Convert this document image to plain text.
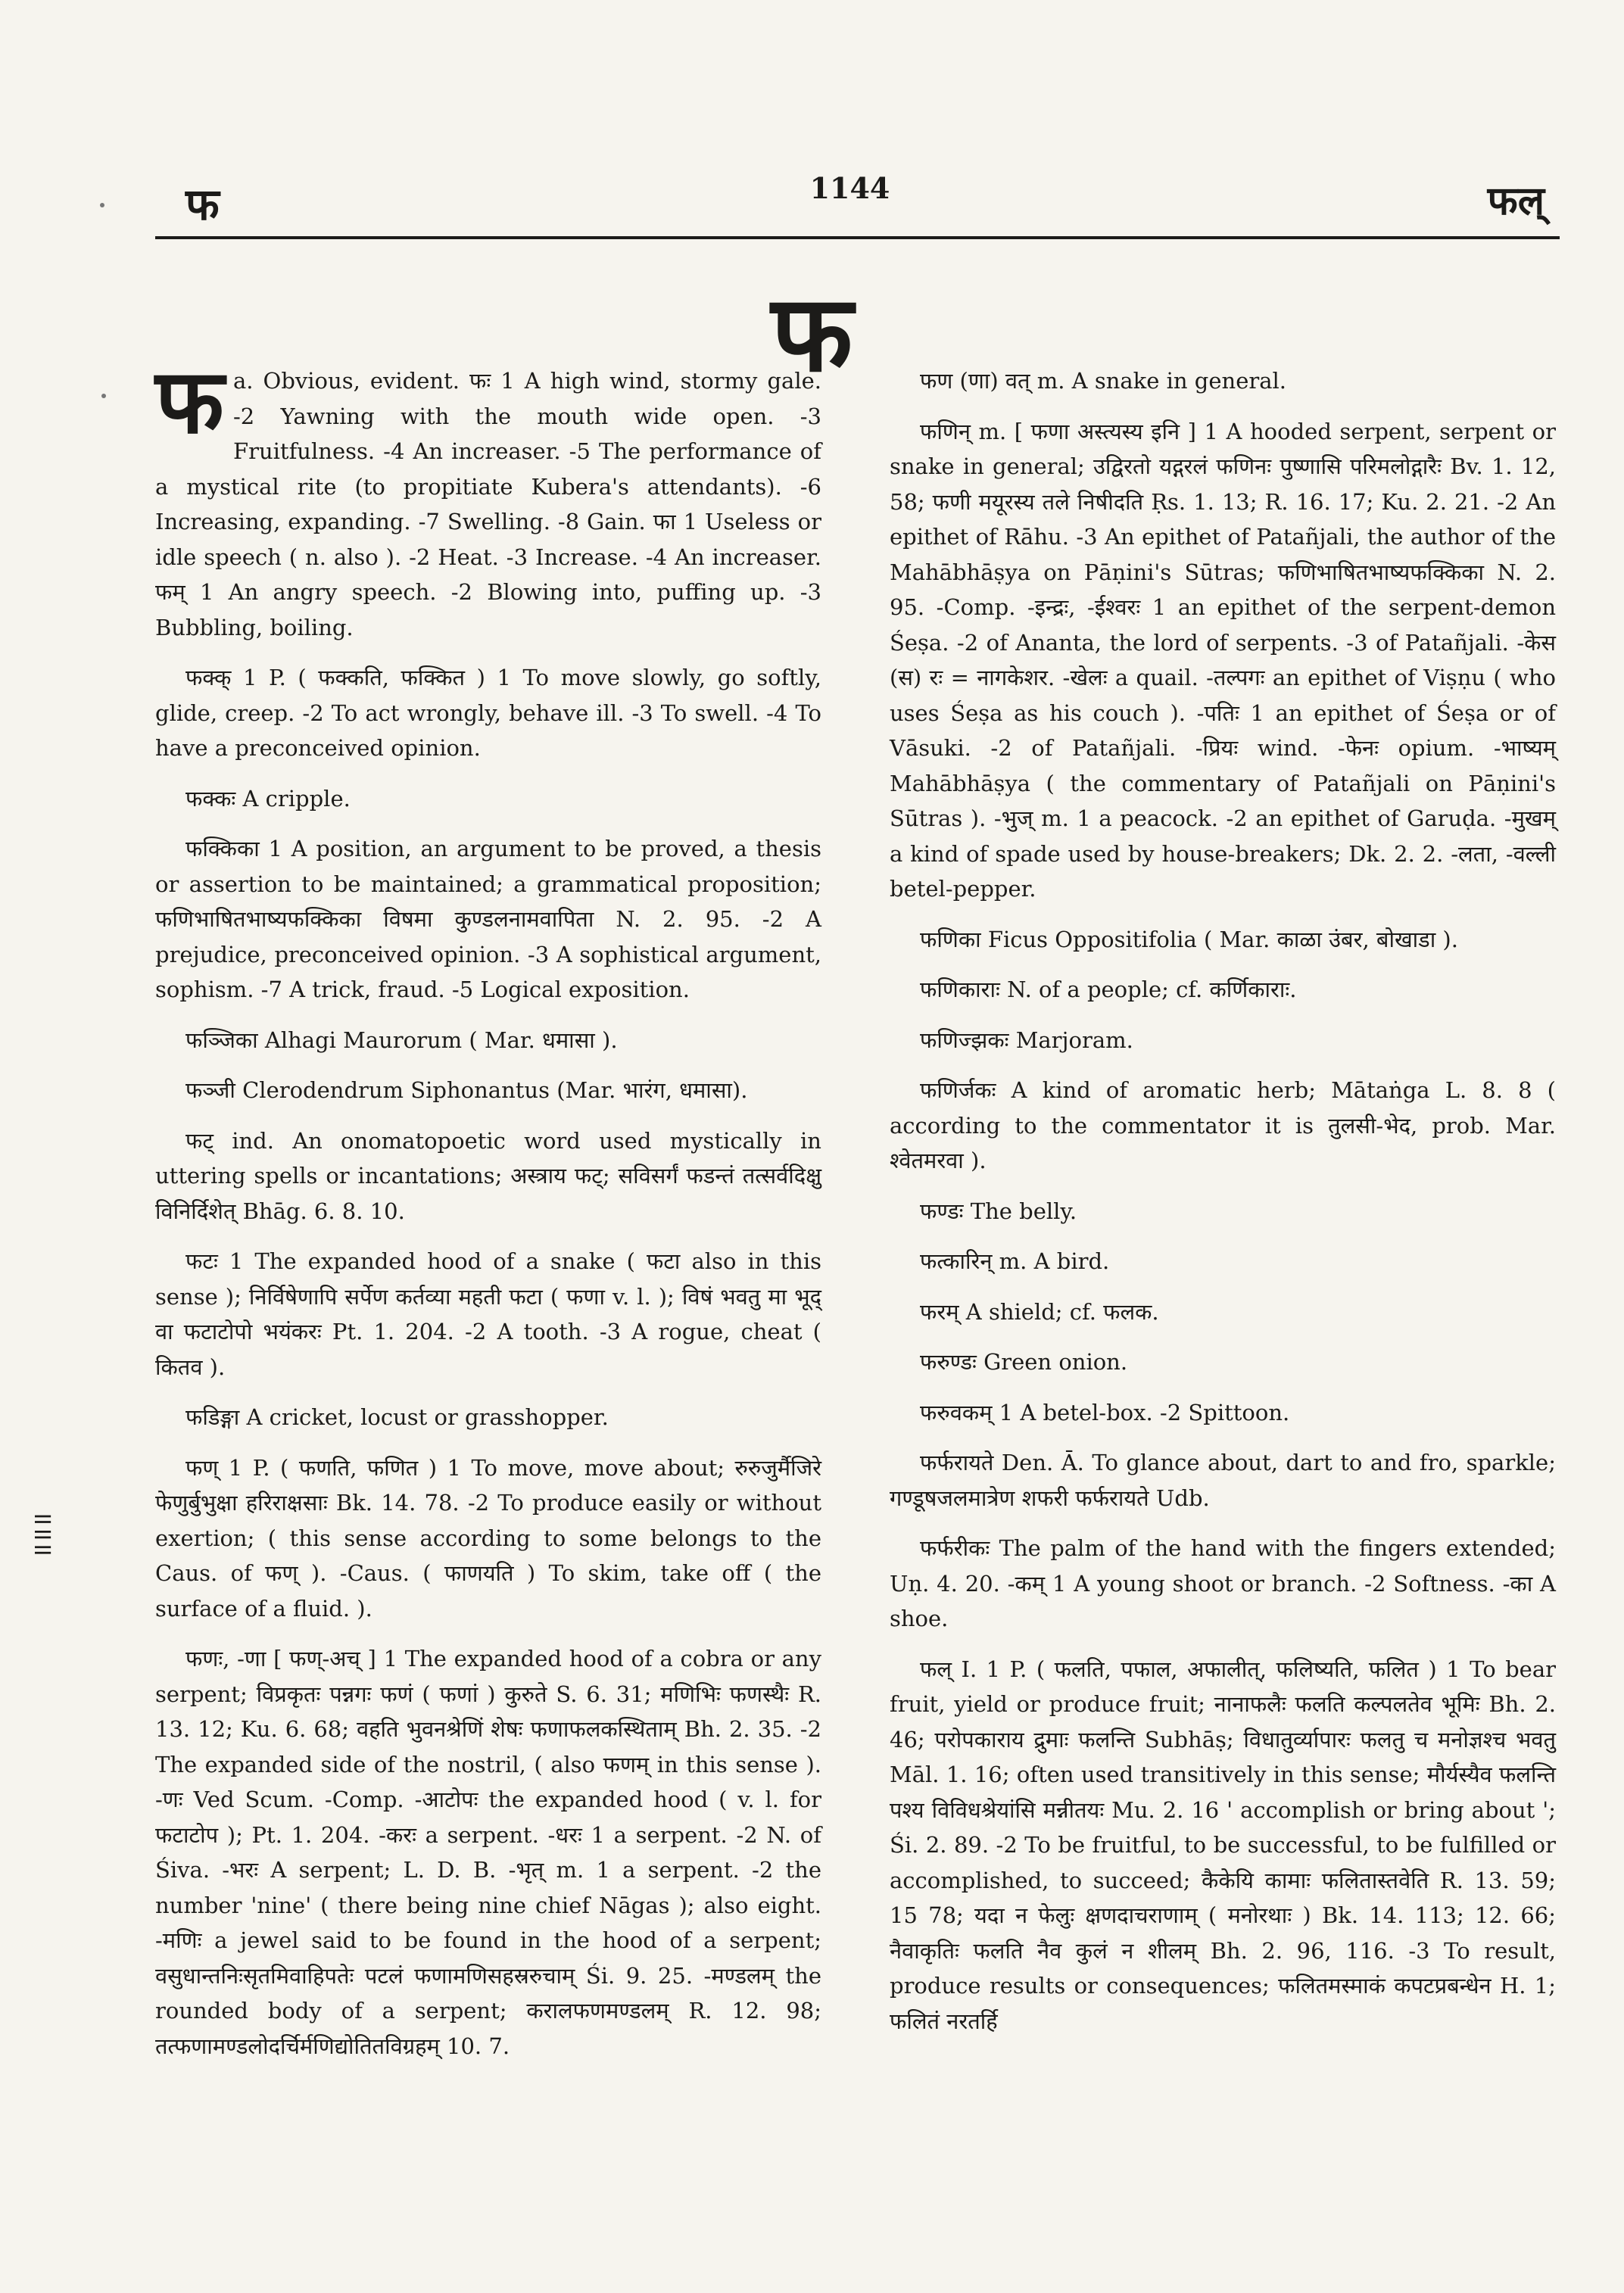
फ	1144	फल्
फ
॥॥॥

फa. Obvious, evident. फः 1 A high wind, stormy gale. -2 Yawning with the mouth wide open. -3 Fruitfulness. -4 An increaser. -5 The performance of a mystical rite (to propitiate Kubera's attendants). -6 Increasing, expanding. -7 Swelling. -8 Gain. फा 1 Useless or idle speech ( n. also ). -2 Heat. -3 Increase. -4 An increaser. फम् 1 An angry speech. -2 Blowing into, puffing up. -3 Bubbling, boiling.

फक्क् 1 P. ( फक्कति, फक्कित ) 1 To move slowly, go softly, glide, creep. -2 To act wrongly, behave ill. -3 To swell. -4 To have a preconceived opinion.

फक्कः A cripple.

फक्किका 1 A position, an argument to be proved, a thesis or assertion to be maintained; a grammatical proposition; फणिभाषितभाष्यफक्किका विषमा कुण्डलनामवापिता N. 2. 95. -2 A prejudice, preconceived opinion. -3 A sophistical argument, sophism. -7 A trick, fraud. -5 Logical exposition.

फञ्जिका Alhagi Maurorum ( Mar. धमासा ).

फञ्जी Clerodendrum Siphonantus (Mar. भारंग, धमासा).

फट् ind. An onomatopoetic word used mystically in uttering spells or incantations; अस्त्राय फट्; सविसर्गं फडन्तं तत्सर्वदिक्षु विनिर्दिशेत् Bhāg. 6. 8. 10.

फटः 1 The expanded hood of a snake ( फटा also in this sense ); निर्विषेणापि सर्पेण कर्तव्या महती फटा ( फणा v. l. ); विषं भवतु मा भूद् वा फटाटोपो भयंकरः Pt. 1. 204. -2 A tooth. -3 A rogue, cheat ( कितव ).

फडिङ्गा A cricket, locust or grasshopper.

फण् 1 P. ( फणति, फणित ) 1 To move, move about; रुरुजुर्मैजिरे फेणुर्बुभुक्षा हरिराक्षसाः Bk. 14. 78. -2 To produce easily or without exertion; ( this sense according to some belongs to the Caus. of फण् ). -Caus. ( फाणयति ) To skim, take off ( the surface of a fluid. ).

फणः, -णा [ फण्-अच् ] 1 The expanded hood of a cobra or any serpent; विप्रकृतः पन्नगः फणं ( फणां ) कुरुते S. 6. 31; मणिभिः फणस्थैः R. 13. 12; Ku. 6. 68; वहति भुवनश्रेणिं शेषः फणाफलकस्थिताम् Bh. 2. 35. -2 The expanded side of the nostril, ( also फणम् in this sense ). -णः Ved Scum. -Comp. -आटोपः the expanded hood ( v. l. for फटाटोप ); Pt. 1. 204. -करः a serpent. -धरः 1 a serpent. -2 N. of Śiva. -भरः A serpent; L. D. B. -भृत् m. 1 a serpent. -2 the number 'nine' ( there being nine chief Nāgas ); also eight. -मणिः a jewel said to be found in the hood of a serpent; वसुधान्तनिःसृतमिवाहिपतेः पटलं फणामणिसहस्ररुचाम् Śi. 9. 25. -मण्डलम् the rounded body of a serpent; करालफणमण्डलम् R. 12. 98; तत्फणामण्डलोदर्चिर्मणिद्योतितविग्रहम् 10. 7.

फण (णा) वत् m. A snake in general.

फणिन् m. [ फणा अस्त्यस्य इनि ] 1 A hooded serpent, serpent or snake in general; उद्विरतो यद्गरलं फणिनः पुष्णासि परिमलोद्गारैः Bv. 1. 12, 58; फणी मयूरस्य तले निषीदति Ṛs. 1. 13; R. 16. 17; Ku. 2. 21. -2 An epithet of Rāhu. -3 An epithet of Patañjali, the author of the Mahābhāṣya on Pāṇini's Sūtras; फणिभाषितभाष्यफक्किका N. 2. 95. -Comp. -इन्द्रः, -ईश्वरः 1 an epithet of the serpent-demon Śeṣa. -2 of Ananta, the lord of serpents. -3 of Patañjali. -केस (स) रः = नागकेशर. -खेलः a quail. -तल्पगः an epithet of Viṣṇu ( who uses Śeṣa as his couch ). -पतिः 1 an epithet of Śeṣa or of Vāsuki. -2 of Patañjali. -प्रियः wind. -फेनः opium. -भाष्यम् Mahābhāṣya ( the commentary of Patañjali on Pāṇini's Sūtras ). -भुज् m. 1 a peacock. -2 an epithet of Garuḍa. -मुखम् a kind of spade used by house-breakers; Dk. 2. 2. -लता, -वल्ली betel-pepper.

फणिका Ficus Oppositifolia ( Mar. काळा उंबर, बोखाडा ).

फणिकाराः N. of a people; cf. कर्णिकाराः.

फणिज्झकः Marjoram.

फणिर्जकः A kind of aromatic herb; Mātaṅga L. 8. 8 ( according to the commentator it is तुलसी-भेद, prob. Mar. श्वेतमरवा ).

फण्डः The belly.

फत्कारिन् m. A bird.

फरम् A shield; cf. फलक.

फरुण्डः Green onion.

फरुवकम् 1 A betel-box. -2 Spittoon.

फर्फरायते Den. Ā. To glance about, dart to and fro, sparkle; गण्डूषजलमात्रेण शफरी फर्फरायते Udb.

फर्फरीकः The palm of the hand with the fingers extended; Uṇ. 4. 20. -कम् 1 A young shoot or branch. -2 Softness. -का A shoe.

फल् I. 1 P. ( फलति, पफाल, अफालीत्, फलिष्यति, फलित ) 1 To bear fruit, yield or produce fruit; नानाफलैः फलति कल्पलतेव भूमिः Bh. 2. 46; परोपकाराय द्रुमाः फलन्ति Subhāṣ; विधातुर्व्यापारः फलतु च मनोज्ञश्च भवतु Māl. 1. 16; often used transitively in this sense; मौर्यस्यैव फलन्ति पश्य विविधश्रेयांसि मन्नीतयः Mu. 2. 16 ' accomplish or bring about '; Śi. 2. 89. -2 To be fruitful, to be successful, to be fulfilled or accomplished, to succeed; कैकेयि कामाः फलितास्तवेति R. 13. 59; 15 78; यदा न फेलुः क्षणदाचराणाम् ( मनोरथाः ) Bk. 14. 113; 12. 66; नैवाकृतिः फलति नैव कुलं न शीलम् Bh. 2. 96, 116. -3 To result, produce results or consequences; फलितमस्माकं कपटप्रबन्धेन H. 1; फलितं नरतर्हि
